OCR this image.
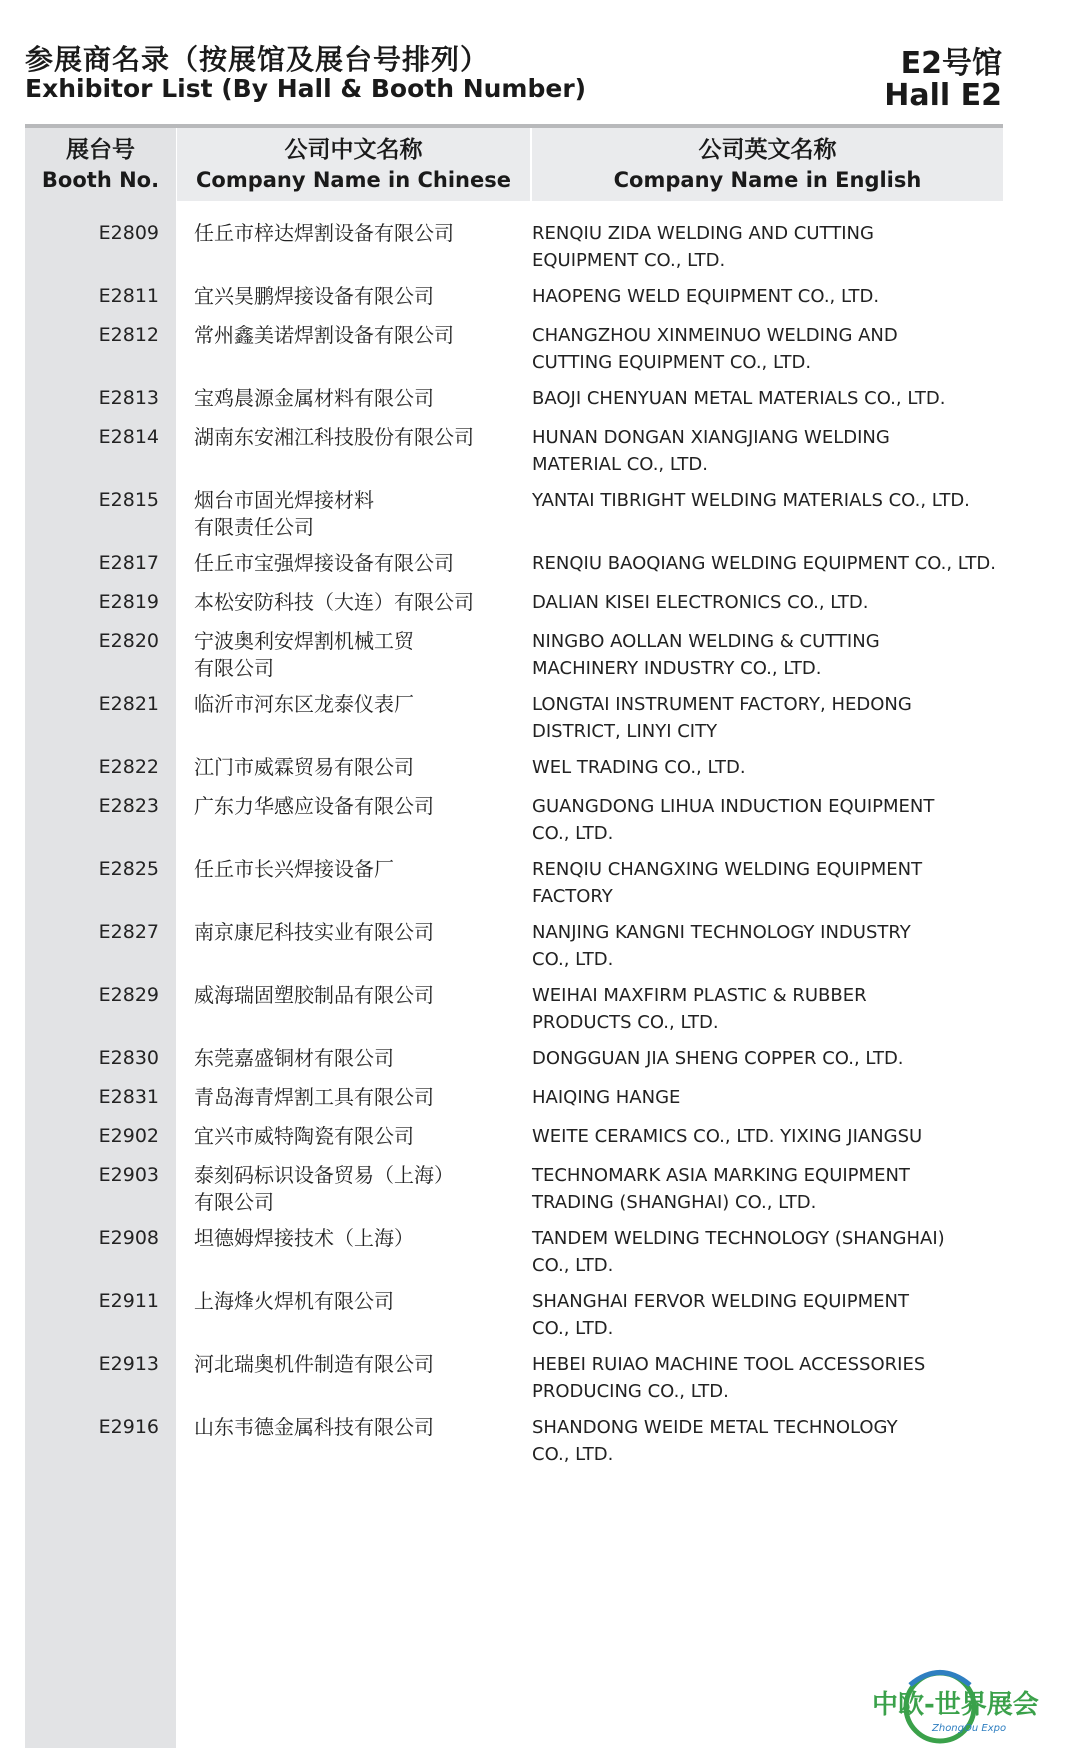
参展商名录（按展馆及展台号排列）
Exhibitor List (By Hall & Booth Number)
E2号馆
Hall E2
展台号
Booth No.
公司中文名称
Company Name in Chinese
公司英文名称
Company Name in English
E2809 任丘市梓达焊割设备有限公司	RENQIU ZIDA WELDING AND CUTTING
EQUIPMENT CO., LTD.
E2811 宜兴昊鹏焊接设备有限公司	HAOPENG WELD EQUIPMENT CO., LTD.
E2812 常州鑫美诺焊割设备有限公司	CHANGZHOU XINMEINUO WELDING AND
CUTTING EQUIPMENT CO., LTD.
E2813 宝鸡晨源金属材料有限公司	BAOJI CHENYUAN METAL MATERIALS CO., LTD.
E2814 湖南东安湘江科技股份有限公司	HUNAN DONGAN XIANGJIANG WELDING
MATERIAL CO., LTD.
E2815 烟台市固光焊接材料
有限责任公司
YANTAI TIBRIGHT WELDING MATERIALS CO., LTD.
E2817 任丘市宝强焊接设备有限公司	RENQIU BAOQIANG WELDING EQUIPMENT CO., LTD.
E2819 本松安防科技（大连）有限公司	DALIAN KISEI ELECTRONICS CO., LTD.
E2820 宁波奥利安焊割机械工贸
有限公司
NINGBO AOLLAN WELDING & CUTTING
MACHINERY INDUSTRY CO., LTD.
E2821 临沂市河东区龙泰仪表厂	LONGTAI INSTRUMENT FACTORY, HEDONG
DISTRICT, LINYI CITY
E2822 江门市威霖贸易有限公司	WEL TRADING CO., LTD.
E2823 广东力华感应设备有限公司	GUANGDONG LIHUA INDUCTION EQUIPMENT
CO., LTD.
E2825 任丘市长兴焊接设备厂	RENQIU CHANGXING WELDING EQUIPMENT
FACTORY
E2827 南京康尼科技实业有限公司	NANJING KANGNI TECHNOLOGY INDUSTRY
CO., LTD.
E2829 威海瑞固塑胶制品有限公司	WEIHAI MAXFIRM PLASTIC & RUBBER
PRODUCTS CO., LTD.
E2830 东莞嘉盛铜材有限公司	DONGGUAN JIA SHENG COPPER CO., LTD.
E2831 青岛海青焊割工具有限公司	HAIQING HANGE
E2902 宜兴市威特陶瓷有限公司	WEITE CERAMICS CO., LTD. YIXING JIANGSU
E2903 泰刻码标识设备贸易（上海）
有限公司
TECHNOMARK ASIA MARKING EQUIPMENT
TRADING (SHANGHAI) CO., LTD.
E2908 坦德姆焊接技术（上海）	TANDEM WELDING TECHNOLOGY (SHANGHAI)
CO., LTD.
E2911 上海烽火焊机有限公司	SHANGHAI FERVOR WELDING EQUIPMENT
CO., LTD.
E2913 河北瑞奥机件制造有限公司	HEBEI RUIAO MACHINE TOOL ACCESSORIES
PRODUCING CO., LTD.
E2916 山东韦德金属科技有限公司	SHANDONG WEIDE METAL TECHNOLOGY
CO., LTD.
中欧-世界展会
ZhongOu Expo
